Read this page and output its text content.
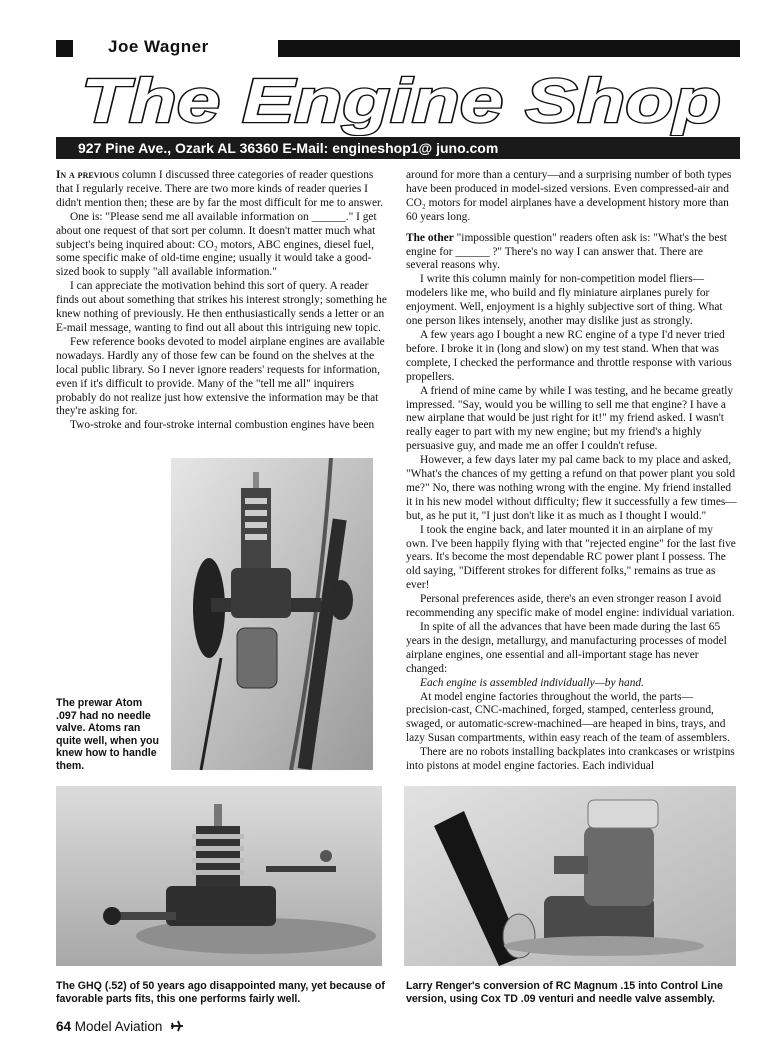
Joe Wagner
The Engine Shop
927 Pine Ave., Ozark AL 36360 E-Mail: engineshop1@ juno.com

In a previous column I discussed three categories of reader questions that I regularly receive. There are two more kinds of reader queries I didn't mention then; these are by far the most difficult for me to answer.

One is: "Please send me all available information on ______." I get about one request of that sort per column. It doesn't matter much what subject's being inquired about: CO₂ motors, ABC engines, diesel fuel, some specific make of old-time engine; usually it would take a good-sized book to supply "all available information."

I can appreciate the motivation behind this sort of query. A reader finds out about something that strikes his interest strongly; something he knew nothing of previously. He then enthusiastically sends a letter or an E-mail message, wanting to find out all about this intriguing new topic.

Few reference books devoted to model airplane engines are available nowadays. Hardly any of those few can be found on the shelves at the local public library. So I never ignore readers' requests for information, even if it's difficult to provide. Many of the "tell me all" inquirers probably do not realize just how extensive the information may be that they're asking for.

Two-stroke and four-stroke internal combustion engines have been

The prewar Atom .097 had no needle valve. Atoms ran quite well, when you knew how to handle them.

around for more than a century—and a surprising number of both types have been produced in model-sized versions. Even compressed-air and CO₂ motors for model airplanes have a development history more than 60 years long.

The other "impossible question" readers often ask is: "What's the best engine for ______ ?" There's no way I can answer that. There are several reasons why.

I write this column mainly for non-competition model fliers—modelers like me, who build and fly miniature airplanes purely for enjoyment. Well, enjoyment is a highly subjective sort of thing. What one person likes intensely, another may dislike just as strongly.

A few years ago I bought a new RC engine of a type I'd never tried before. I broke it in (long and slow) on my test stand. When that was complete, I checked the performance and throttle response with various propellers.

A friend of mine came by while I was testing, and he became greatly impressed. "Say, would you be willing to sell me that engine? I have a new airplane that would be just right for it!" my friend asked. I wasn't really eager to part with my new engine; but my friend's a highly persuasive guy, and made me an offer I couldn't refuse.

However, a few days later my pal came back to my place and asked, "What's the chances of my getting a refund on that power plant you sold me?" No, there was nothing wrong with the engine. My friend installed it in his new model without difficulty; flew it successfully a few times—but, as he put it, "I just don't like it as much as I thought I would."

I took the engine back, and later mounted it in an airplane of my own. I've been happily flying with that "rejected engine" for the last five years. It's become the most dependable RC power plant I possess. The old saying, "Different strokes for different folks," remains as true as ever!

Personal preferences aside, there's an even stronger reason I avoid recommending any specific make of model engine: individual variation.

In spite of all the advances that have been made during the last 65 years in the design, metallurgy, and manufacturing processes of model airplane engines, one essential and all-important stage has never changed:

Each engine is assembled individually—by hand.

At model engine factories throughout the world, the parts—precision-cast, CNC-machined, forged, stamped, centerless ground, swaged, or automatic-screw-machined—are heaped in bins, trays, and lazy Susan compartments, within easy reach of the team of assemblers.

There are no robots installing backplates into crankcases or wristpins into pistons at model engine factories. Each individual

The GHQ (.52) of 50 years ago disappointed many, yet because of favorable parts fits, this one performs fairly well.
Larry Renger's conversion of RC Magnum .15 into Control Line version, using Cox TD .09 venturi and needle valve assembly.
64 Model Aviation
